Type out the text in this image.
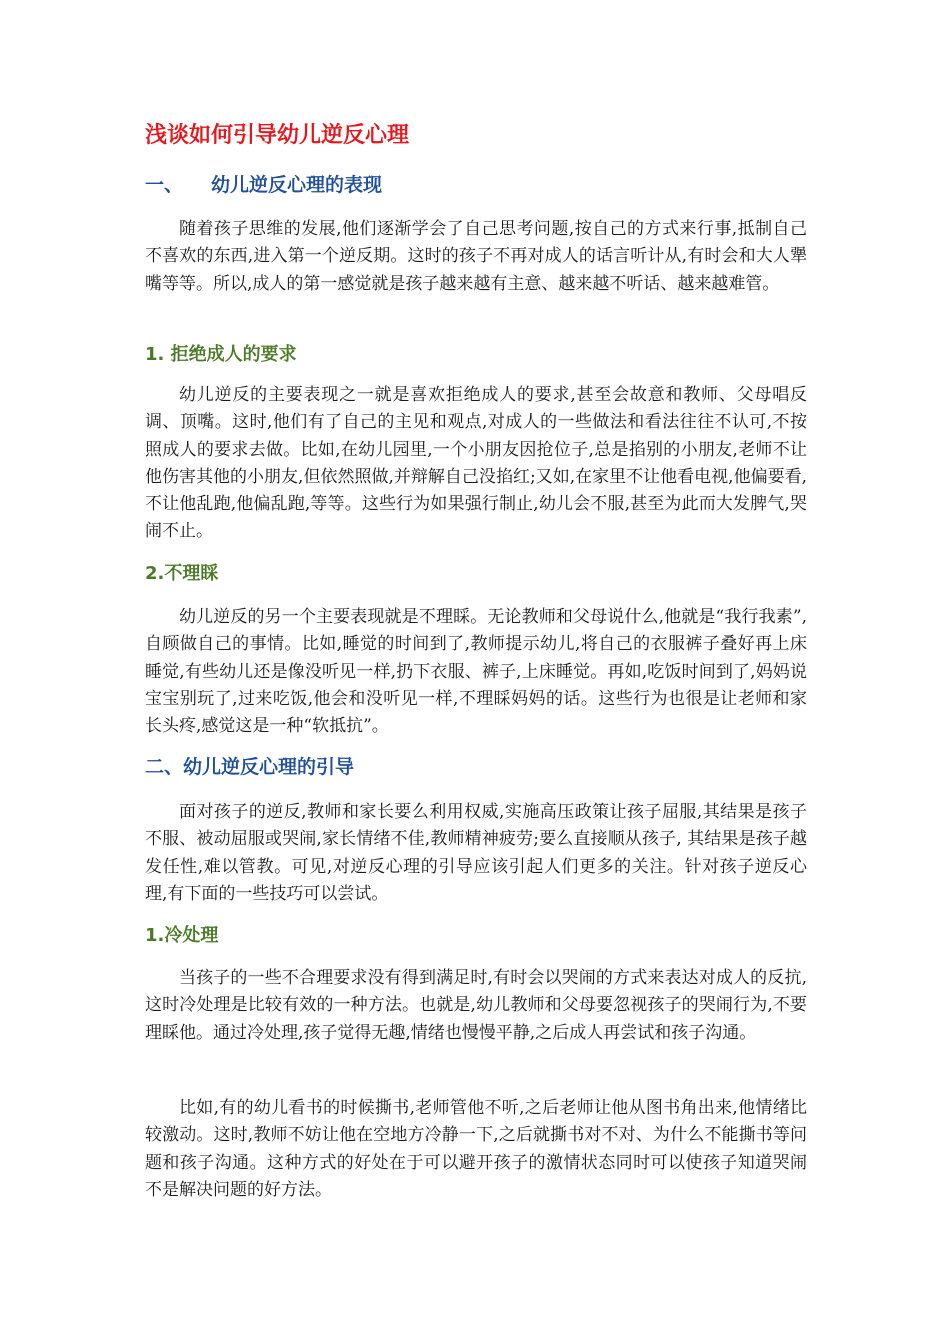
浅谈如何引导幼儿逆反心理
一、 幼儿逆反心理的表现

随着孩子思维的发展,他们逐渐学会了自己思考问题,按自己的方式来行事,抵制自己不喜欢的东西,进入第一个逆反期。这时的孩子不再对成人的话言听计从,有时会和大人犟嘴等等。所以,成人的第一感觉就是孩子越来越有主意、越来越不听话、越来越难管。

1. 拒绝成人的要求

幼儿逆反的主要表现之一就是喜欢拒绝成人的要求,甚至会故意和教师、父母唱反调、顶嘴。这时,他们有了自己的主见和观点,对成人的一些做法和看法往往不认可,不按照成人的要求去做。比如,在幼儿园里,一个小朋友因抢位子,总是掐别的小朋友,老师不让他伤害其他的小朋友,但依然照做,并辩解自己没掐红;又如,在家里不让他看电视,他偏要看,不让他乱跑,他偏乱跑,等等。这些行为如果强行制止,幼儿会不服,甚至为此而大发脾气,哭闹不止。

2.不理睬

幼儿逆反的另一个主要表现就是不理睬。无论教师和父母说什么,他就是“我行我素”,自顾做自己的事情。比如,睡觉的时间到了,教师提示幼儿,将自己的衣服裤子叠好再上床睡觉,有些幼儿还是像没听见一样,扔下衣服、裤子,上床睡觉。再如,吃饭时间到了,妈妈说宝宝别玩了,过来吃饭,他会和没听见一样,不理睬妈妈的话。这些行为也很是让老师和家长头疼,感觉这是一种“软抵抗”。

二、幼儿逆反心理的引导

面对孩子的逆反,教师和家长要么利用权威,实施高压政策让孩子屈服,其结果是孩子不服、被动屈服或哭闹,家长情绪不佳,教师精神疲劳;要么直接顺从孩子, 其结果是孩子越发任性,难以管教。可见,对逆反心理的引导应该引起人们更多的关注。针对孩子逆反心理,有下面的一些技巧可以尝试。

1.冷处理

当孩子的一些不合理要求没有得到满足时,有时会以哭闹的方式来表达对成人的反抗,这时冷处理是比较有效的一种方法。也就是,幼儿教师和父母要忽视孩子的哭闹行为,不要理睬他。通过冷处理,孩子觉得无趣,情绪也慢慢平静,之后成人再尝试和孩子沟通。

比如,有的幼儿看书的时候撕书,老师管他不听,之后老师让他从图书角出来,他情绪比较激动。这时,教师不妨让他在空地方冷静一下,之后就撕书对不对、为什么不能撕书等问题和孩子沟通。这种方式的好处在于可以避开孩子的激情状态同时可以使孩子知道哭闹不是解决问题的好方法。
